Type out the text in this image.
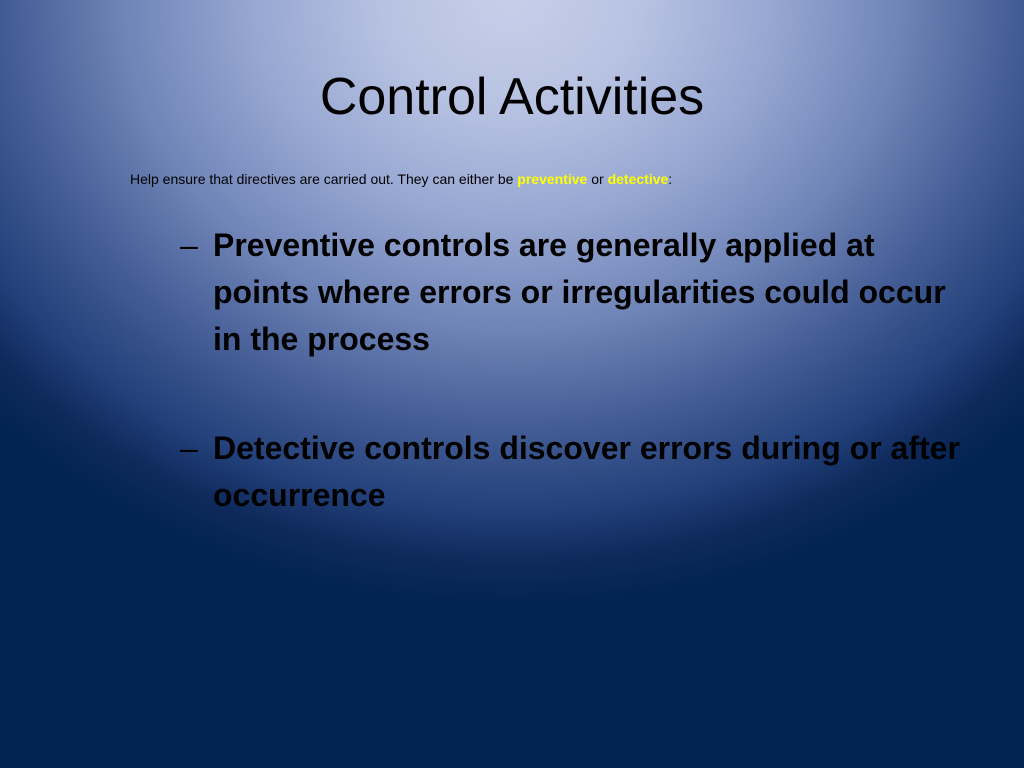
Control Activities

Help ensure that directives are carried out. They can either be preventive or detective:

– Preventive controls are generally applied at points where errors or irregularities could occur in the process
– Detective controls discover errors during or after occurrence
